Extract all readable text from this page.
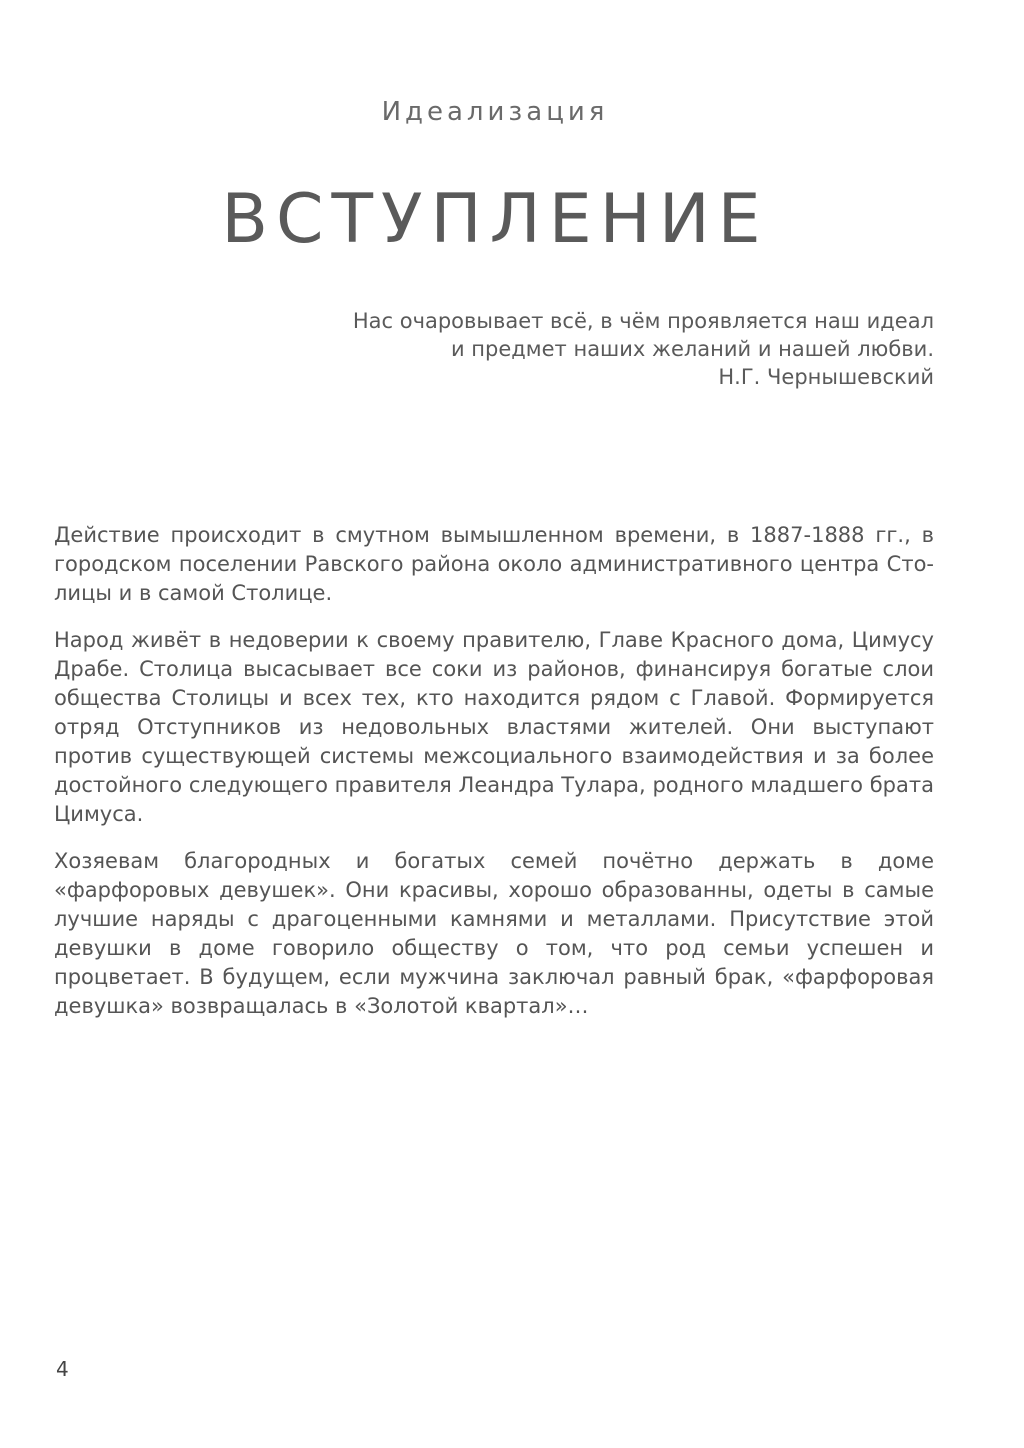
Идеализация
ВСТУПЛЕНИЕ
Нас очаровывает всё, в чём проявляется наш идеал
и предмет наших желаний и нашей любви.
Н.Г. Чернышевский

Действие происходит в смутном вымышленном времени, в 1887-1888 гг., в городском поселении Равского района около административного центра Столицы и в самой Столице.

Народ живёт в недоверии к своему правителю, Главе Красного дома, Цимусу Драбе. Столица высасывает все соки из районов, финансируя богатые слои общества Столицы и всех тех, кто находится рядом с Главой. Формируется отряд Отступников из недовольных властями жителей. Они выступают против существующей системы межсоциального взаимодействия и за более достойного следующего правителя Леандра Тулара, родного младшего брата Цимуса.

Хозяевам благородных и богатых семей почётно держать в доме «фарфоровых девушек». Они красивы, хорошо образованны, одеты в самые лучшие наряды с драгоценными камнями и металлами. Присутствие этой девушки в доме говорило обществу о том, что род семьи успешен и процветает. В будущем, если мужчина заключал равный брак, «фарфоровая девушка» возвращалась в «Золотой квартал»…

4
